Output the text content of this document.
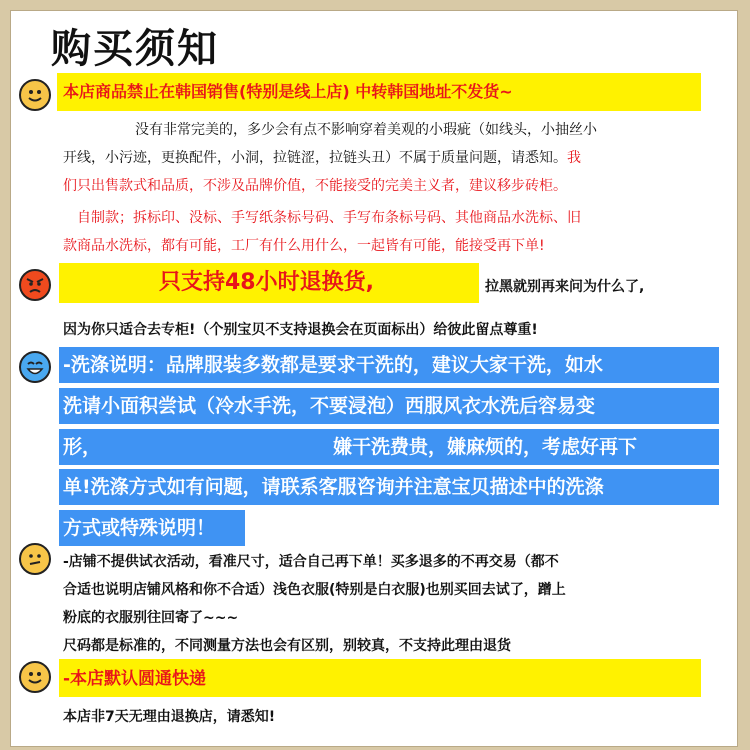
购买须知
本店商品禁止在韩国销售(特别是线上店) 中转韩国地址不发货~
没有非常完美的，多少会有点不影响穿着美观的小瑕疵（如线头，小抽丝小
开线，小污迹，更换配件，小洞，拉链涩，拉链头丑）不属于质量问题，请悉知。我
们只出售款式和品质，不涉及品牌价值，不能接受的完美主义者，建议移步砖柜。
自制款；拆标印、没标、手写纸条标号码、手写布条标号码、其他商品水洗标、旧
款商品水洗标，都有可能，工厂有什么用什么，一起皆有可能，能接受再下单!
只支持48小时退换货,	拉黑就别再来问为什么了,
因为你只适合去专柜!（个别宝贝不支持退换会在页面标出）给彼此留点尊重!
-洗涤说明：品牌服装多数都是要求干洗的，建议大家干洗，如水
洗请小面积尝试（冷水手洗，不要浸泡）西服风衣水洗后容易变
形，	嫌干洗费贵，嫌麻烦的，考虑好再下
单!洗涤方式如有问题，请联系客服咨询并注意宝贝描述中的洗涤
方式或特殊说明！
-店铺不提供试衣活动，看准尺寸，适合自己再下单！买多退多的不再交易（都不
合适也说明店铺风格和你不合适）浅色衣服(特别是白衣服)也别买回去试了，蹭上
粉底的衣服别往回寄了~~~
尺码都是标准的，不同测量方法也会有区别，别较真，不支持此理由退货
-本店默认圆通快递
本店非7天无理由退换店，请悉知!
